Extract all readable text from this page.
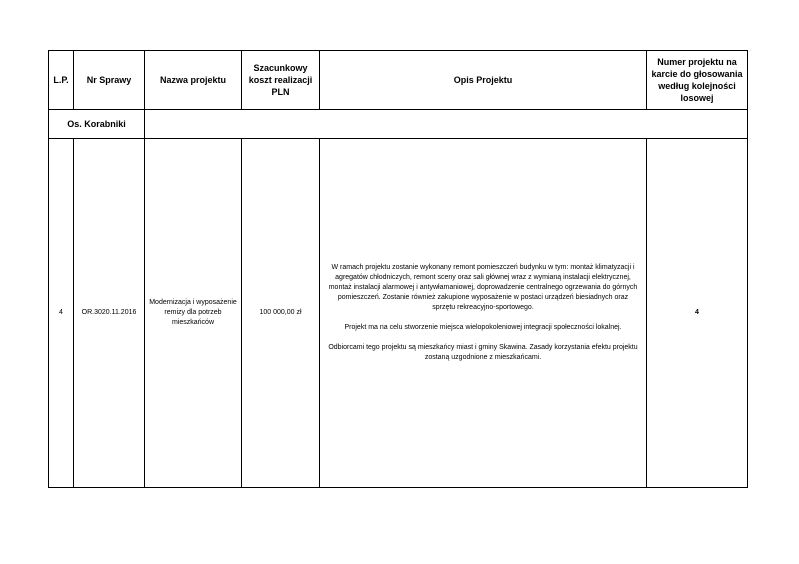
L.P.	Nr Sprawy	Nazwa projektu	Szacunkowy koszt realizacji PLN	Opis Projektu	Numer projektu na karcie do głosowania według kolejności losowej
Os. Korabniki					
4	OR.3020.11.2016	Modernizacja i wyposażenie remizy dla potrzeb mieszkańców	100 000,00 zł	W ramach projektu zostanie wykonany remont pomieszczeń budynku w tym: montaż klimatyzacji i agregatów chłodniczych, remont sceny oraz sali głównej wraz z wymianą instalacji elektrycznej, montaż instalacji alarmowej i antywłamaniowej, doprowadzenie centralnego ogrzewania do górnych pomieszczeń. Zostanie również zakupione wyposażenie w postaci urządzeń biesiadnych oraz sprzętu rekreacyjno-sportowego.

Projekt ma na celu stworzenie miejsca wielopokoleniowej integracji społeczności lokalnej.

Odbiorcami tego projektu są mieszkańcy miast i gminy Skawina. Zasady korzystania efektu projektu zostaną uzgodnione z mieszkańcami.	4
